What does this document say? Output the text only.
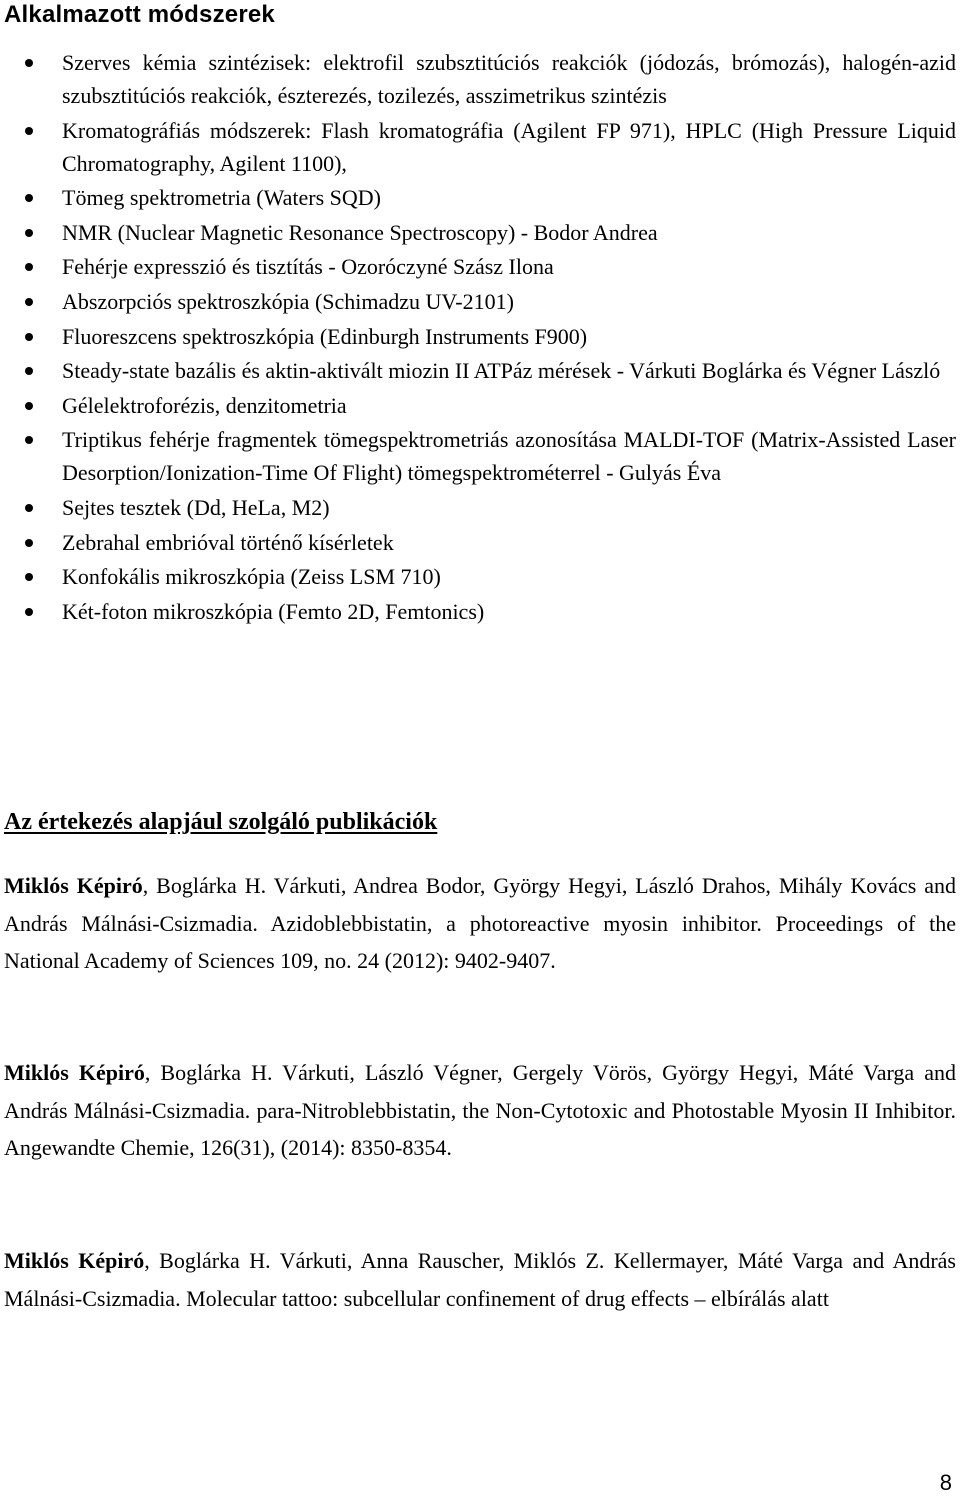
Alkalmazott módszerek
Szerves kémia szintézisek: elektrofil szubsztitúciós reakciók (jódozás, brómozás), halogén-azid szubsztitúciós reakciók, észterezés, tozilezés, asszimetrikus szintézis
Kromatográfiás módszerek: Flash kromatográfia (Agilent FP 971), HPLC (High Pressure Liquid Chromatography, Agilent 1100),
Tömeg spektrometria (Waters SQD)
NMR (Nuclear Magnetic Resonance Spectroscopy) - Bodor Andrea
Fehérje expresszió és tisztítás - Ozoróczyné Szász Ilona
Abszorpciós spektroszkópia (Schimadzu UV-2101)
Fluoreszcens spektroszkópia (Edinburgh Instruments F900)
Steady-state bazális és aktin-aktivált miozin II ATPáz mérések - Várkuti Boglárka és Végner László
Gélelektroforézis, denzitometria
Triptikus fehérje fragmentek tömegspektrometriás azonosítása MALDI-TOF (Matrix-Assisted Laser Desorption/Ionization-Time Of Flight) tömegspektrométerrel - Gulyás Éva
Sejtes tesztek (Dd, HeLa, M2)
Zebrahal embrióval történő kísérletek
Konfokális mikroszkópia (Zeiss LSM 710)
Két-foton mikroszkópia (Femto 2D, Femtonics)
Az értekezés alapjául szolgáló publikációk
Miklós Képiró, Boglárka H. Várkuti, Andrea Bodor, György Hegyi, László Drahos, Mihály Kovács and András Málnási-Csizmadia. Azidoblebbistatin, a photoreactive myosin inhibitor. Proceedings of the National Academy of Sciences 109, no. 24 (2012): 9402-9407.
Miklós Képiró, Boglárka H. Várkuti, László Végner, Gergely Vörös, György Hegyi, Máté Varga and András Málnási-Csizmadia. para-Nitroblebbistatin, the Non-Cytotoxic and Photostable Myosin II Inhibitor. Angewandte Chemie, 126(31), (2014): 8350-8354.
Miklós Képiró, Boglárka H. Várkuti, Anna Rauscher, Miklós Z. Kellermayer, Máté Varga and András Málnási-Csizmadia. Molecular tattoo: subcellular confinement of drug effects – elbírálás alatt
8
